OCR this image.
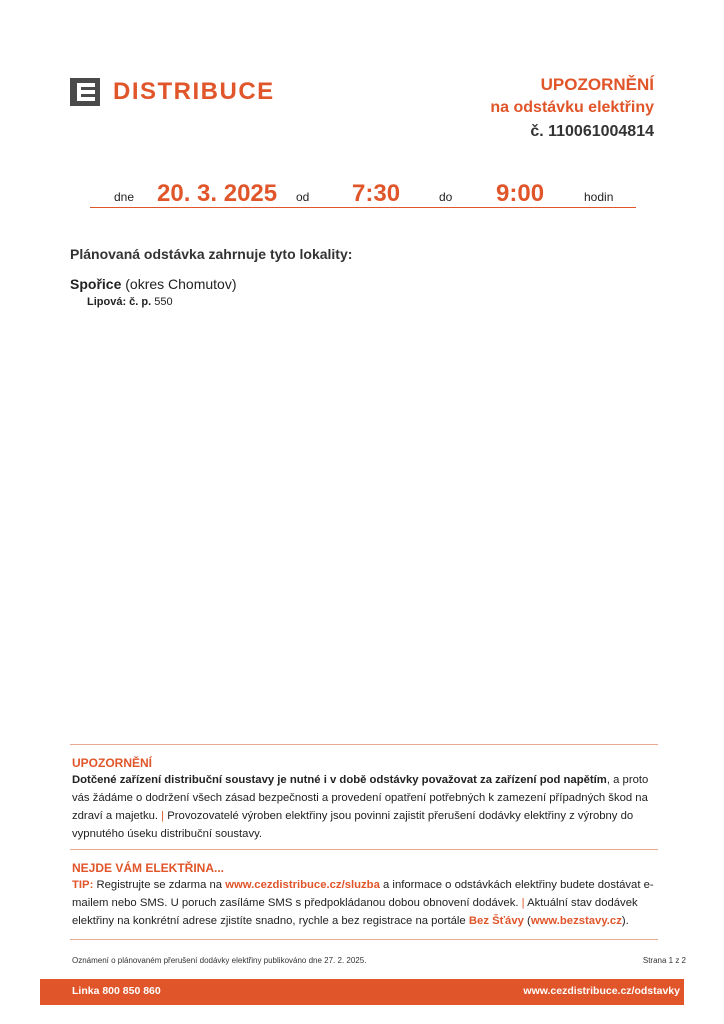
DISTRIBUCE	UPOZORNĚNÍ
na odstávku elektřiny
č. 110061004814
dne 20. 3. 2025 od 7:30	do 9:00	hodin
Plánovaná odstávka zahrnuje tyto lokality:
Spořice (okres Chomutov)
Lipová: č. p. 550
UPOZORNĚNÍ
Dotčené zařízení distribuční soustavy je nutné i v době odstávky považovat za zařízení pod napětím, a proto vás žádáme o dodržení všech zásad bezpečnosti a provedení opatření potřebných k zamezení případných škod na zdraví a majetku. | Provozovatelé výroben elektřiny jsou povinni zajistit přerušení dodávky elektřiny z výrobny do vypnutého úseku distribuční soustavy.
NEJDE VÁM ELEKTŘINA...
TIP: Registrujte se zdarma na www.cezdistribuce.cz/sluzba a informace o odstávkách elektřiny budete dostávat e-mailem nebo SMS. U poruch zasíláme SMS s předpokládanou dobou obnovení dodávek. | Aktuální stav dodávek elektřiny na konkrétní adrese zjistíte snadno, rychle a bez registrace na portále Bez Šťávy (www.bezstavy.cz).
Oznámení o plánovaném přerušení dodávky elektřiny publikováno dne 27. 2. 2025.	Strana 1 z 2
Linka 800 850 860	www.cezdistribuce.cz/odstavky
